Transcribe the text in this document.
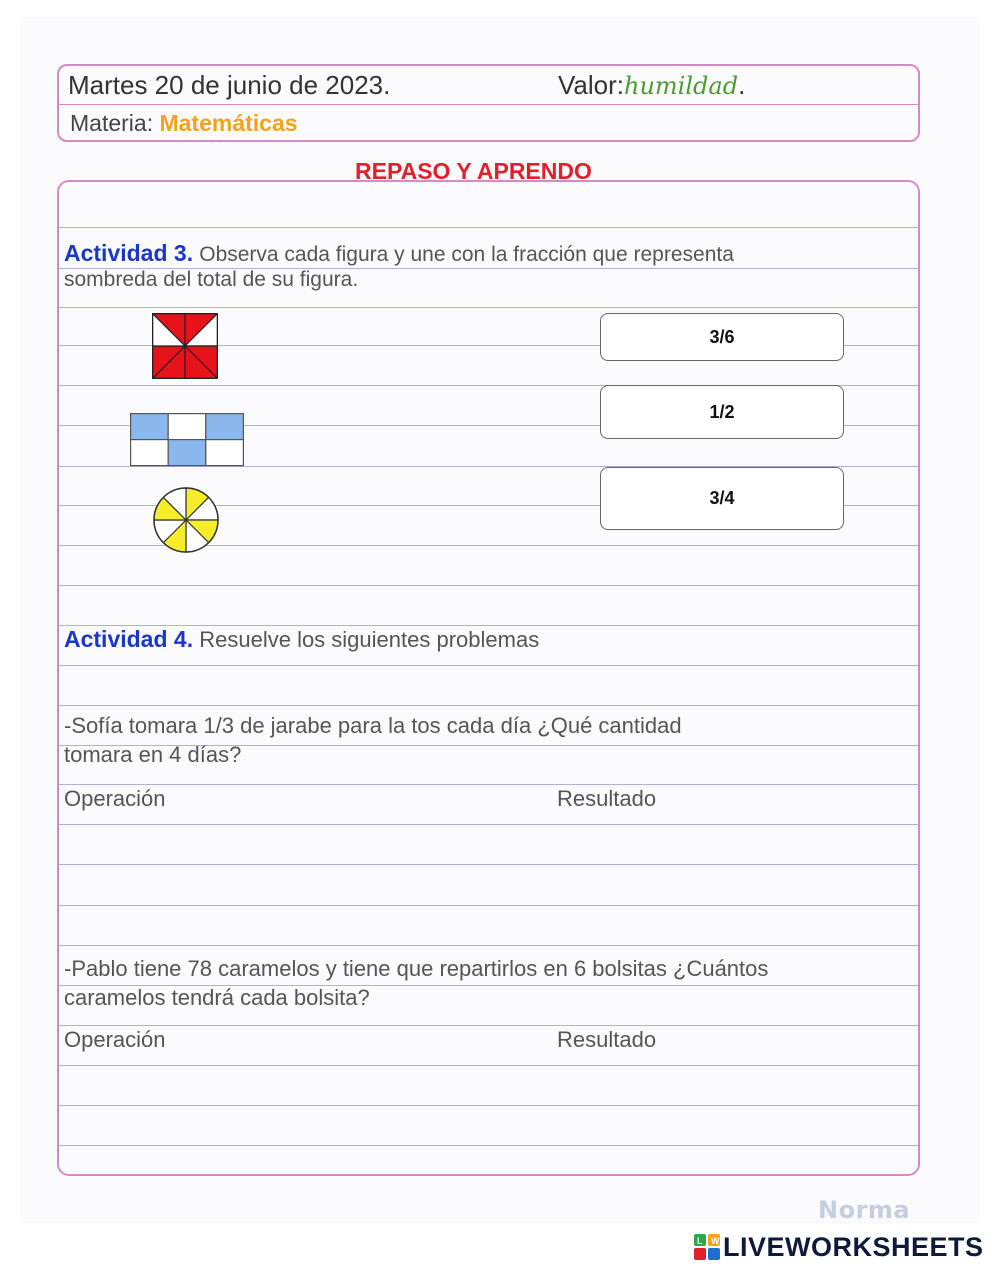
Martes 20 de junio de 2023.	Valor:humildad.
Materia: Matemáticas
REPASO Y APRENDO
Actividad 3. Observa cada figura y une con la fracción que representa
sombreda del total de su figura.
3/6
1/2
3/4
Actividad 4. Resuelve los siguientes problemas
-Sofía tomara 1/3 de jarabe para la tos cada día ¿Qué cantidad
tomara en 4 días?
Operación	Resultado
-Pablo tiene 78 caramelos y tiene que repartirlos en 6 bolsitas ¿Cuántos
caramelos tendrá cada bolsita?
Operación	Resultado
Norma
L W LIVEWORKSHEETS
